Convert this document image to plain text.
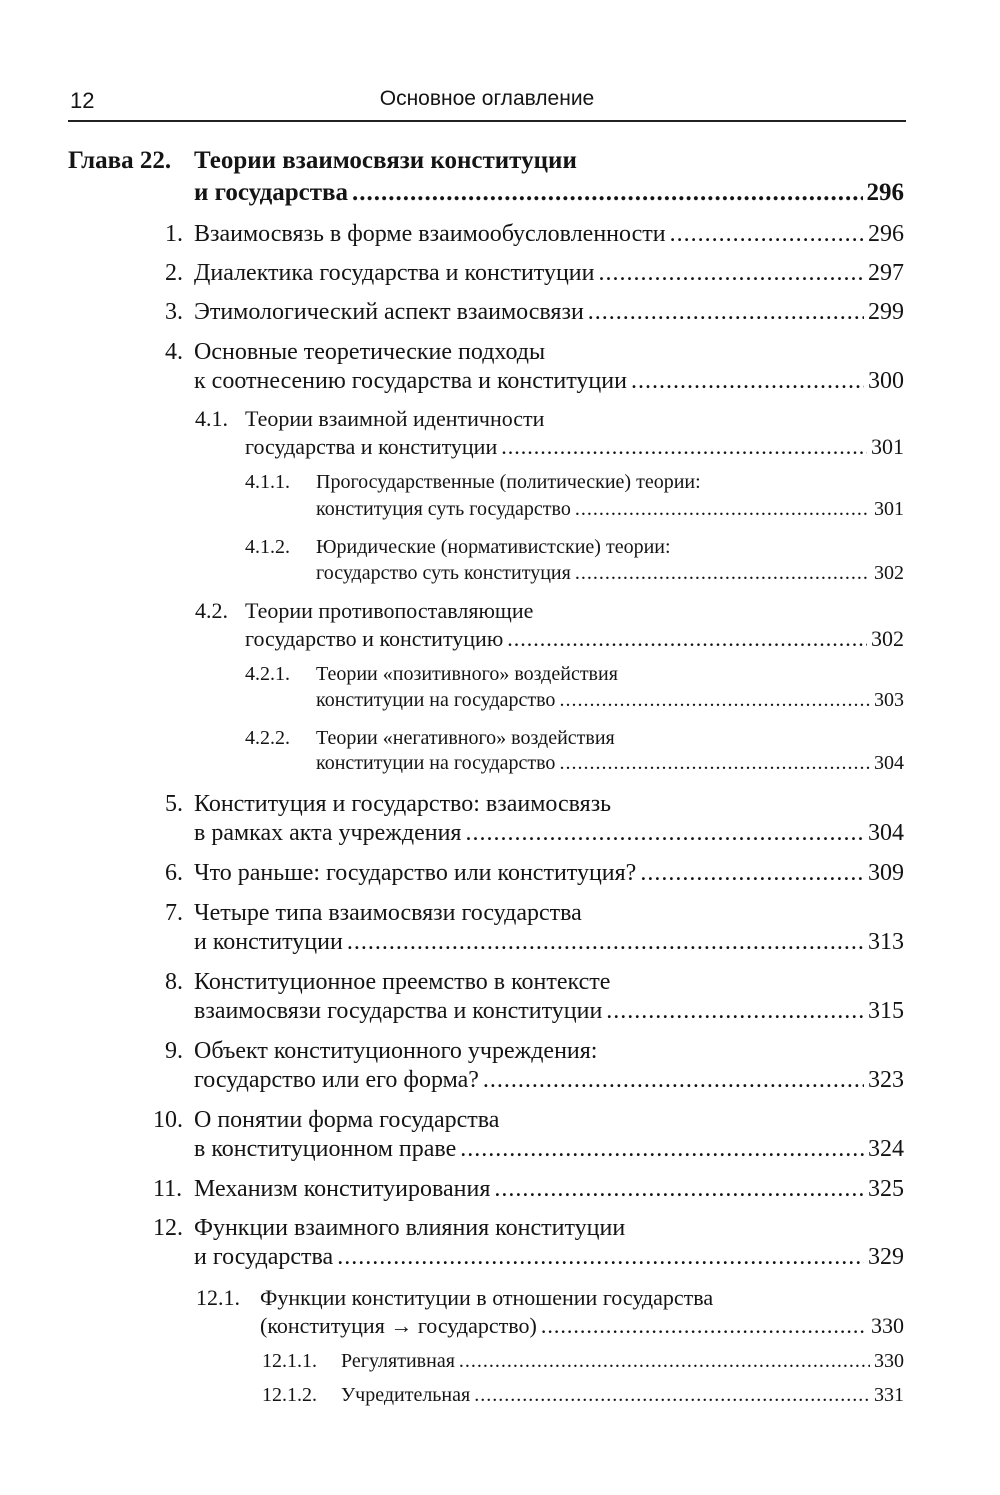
12	Основное оглавление
Глава 22. Теории взаимосвязи конституции
и государства .....	296
1. Взаимосвязь в форме взаимообусловленности .....	296
2. Диалектика государства и конституции .....	297
3. Этимологический аспект взаимосвязи .....	299
4. Основные теоретические подходы
к соотнесению государства и конституции .....	300
4.1. Теории взаимной идентичности
государства и конституции .....	301
4.1.1. Прогосударственные (политические) теории:
конституция суть государство .....	301
4.1.2. Юридические (нормативистские) теории:
государство суть конституция .....	302
4.2. Теории противопоставляющие
государство и конституцию .....	302
4.2.1. Теории «позитивного» воздействия
конституции на государство .....	303
4.2.2. Теории «негативного» воздействия
конституции на государство .....	304
5. Конституция и государство: взаимосвязь
в рамках акта учреждения .....	304
6. Что раньше: государство или конституция? .....	309
7. Четыре типа взаимосвязи государства
и конституции .....	313
8. Конституционное преемство в контексте
взаимосвязи государства и конституции .....	315
9. Объект конституционного учреждения:
государство или его форма? .....	323
10. О понятии форма государства
в конституционном праве .....	324
11. Механизм конституирования .....	325
12. Функции взаимного влияния конституции
и государства .....	329
12.1. Функции конституции в отношении государства
(конституция → государство) .....	330
12.1.1. Регулятивная .....	330
12.1.2. Учредительная .....	331
